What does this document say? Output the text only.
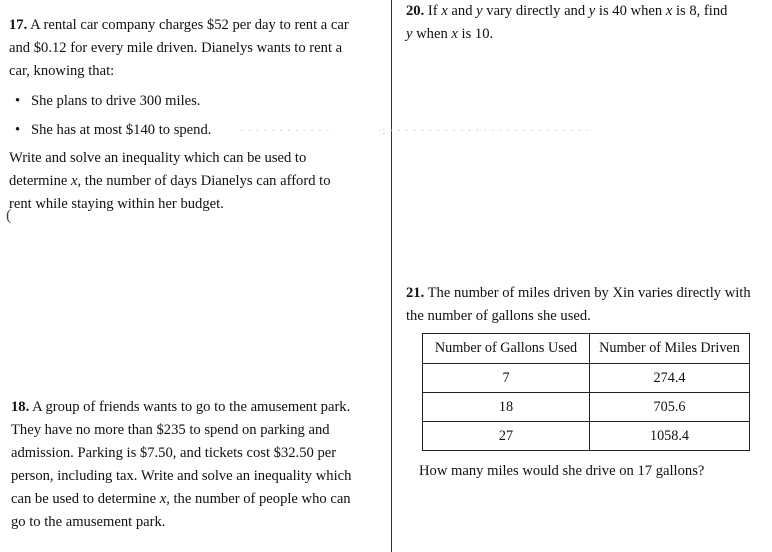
17. A rental car company charges $52 per day to rent a car
and $0.12 for every mile driven. Dianelys wants to rent a
car, knowing that:
• She plans to drive 300 miles.
• She has at most $140 to spend.
Write and solve an inequality which can be used to
determine x, the number of days Dianelys can afford to
rent while staying within her budget.
(
· · · · · · · · · · · ·	·: · · · · · · · · · · · · · · · · · · · · · · · · · ·
18. A group of friends wants to go to the amusement park.
They have no more than $235 to spend on parking and
admission. Parking is $7.50, and tickets cost $32.50 per
person, including tax. Write and solve an inequality which
can be used to determine x, the number of people who can
go to the amusement park.
20. If x and y vary directly and y is 40 when x is 8, find
y when x is 10.
21. The number of miles driven by Xin varies directly with
the number of gallons she used.
Number of Gallons Used	Number of Miles Driven
7	274.4
18	705.6
27	1058.4
How many miles would she drive on 17 gallons?
